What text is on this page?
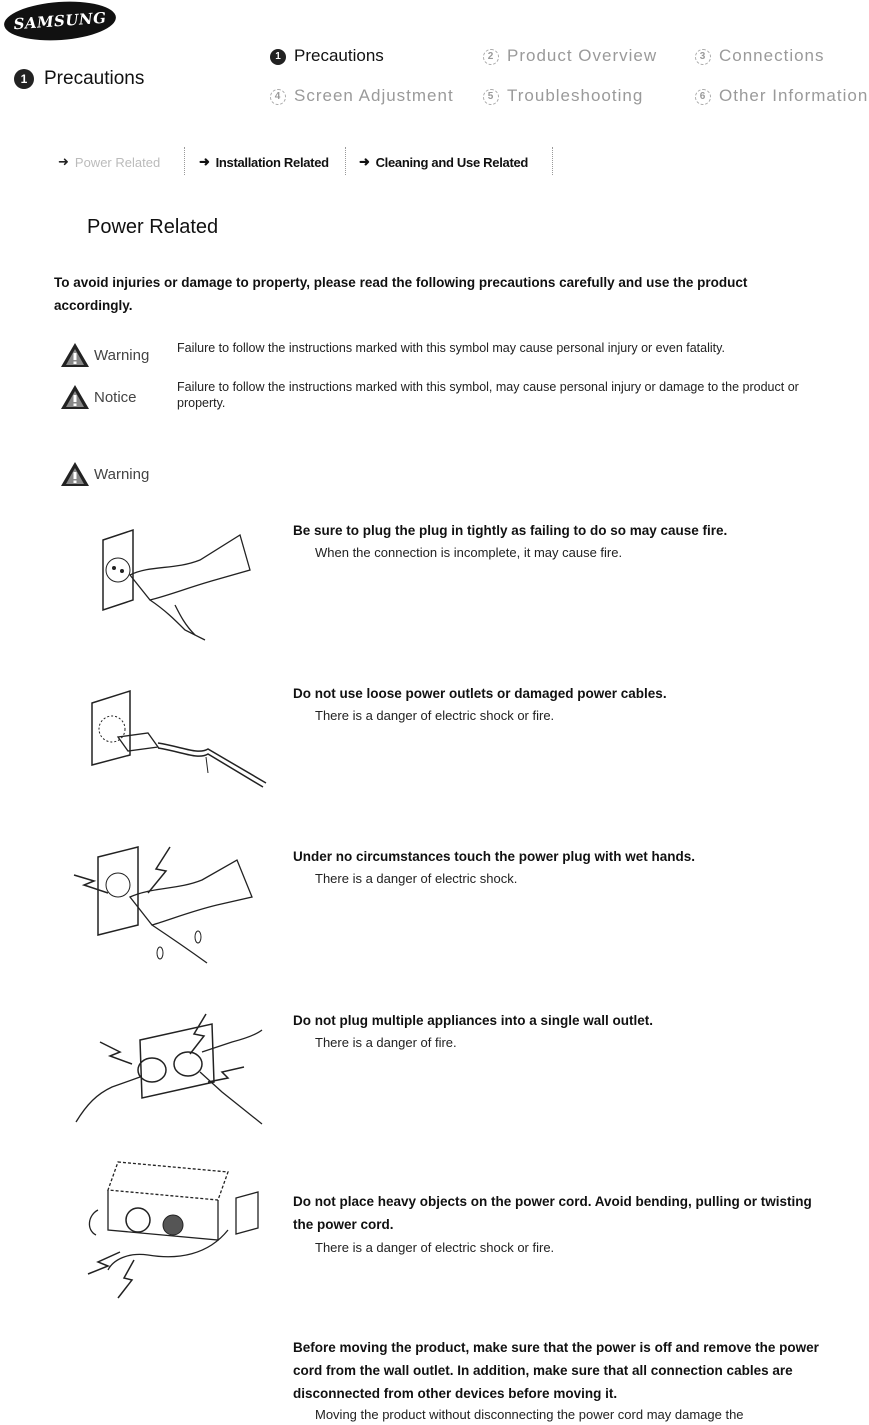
SAMSUNG
1 Precautions
1 Precautions	2 Product Overview	3 Connections
4 Screen Adjustment	5 Troubleshooting	6 Other Information
➜ Power Related	➜ Installation Related ➜ Cleaning and Use Related
Power Related
To avoid injuries or damage to property, please read the following precautions carefully and use the product accordingly.
Warning Failure to follow the instructions marked with this symbol may cause personal injury or even fatality.
Notice
Failure to follow the instructions marked with this symbol, may cause personal injury or damage to the product or property.
Warning
Be sure to plug the plug in tightly as failing to do so may cause fire.
When the connection is incomplete, it may cause fire.
Do not use loose power outlets or damaged power cables.
There is a danger of electric shock or fire.
Under no circumstances touch the power plug with wet hands.
There is a danger of electric shock.
Do not plug multiple appliances into a single wall outlet.
There is a danger of fire.
Do not place heavy objects on the power cord. Avoid bending, pulling or twisting the power cord.
There is a danger of electric shock or fire.
Before moving the product, make sure that the power is off and remove the power cord from the wall outlet. In addition, make sure that all connection cables are disconnected from other devices before moving it.
Moving the product without disconnecting the power cord may damage the
